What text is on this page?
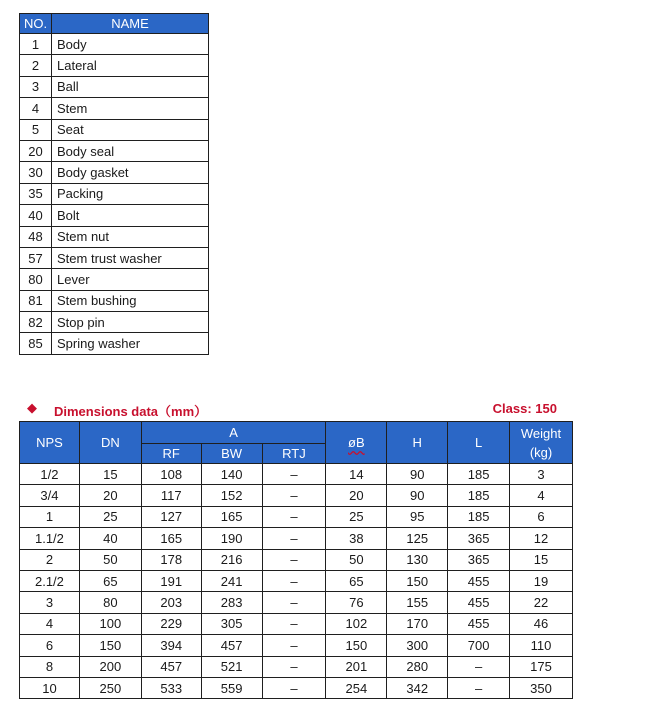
NO.	NAME
1	Body
2	Lateral
3	Ball
4	Stem
5	Seat
20	Body seal
30	Body gasket
35	Packing
40	Bolt
48	Stem nut
57	Stem trust washer
80	Lever
81	Stem bushing
82	Stop pin
85	Spring washer
◆ Dimensions data（mm）	Class: 150
NPS	DN	A			øB	H	L	Weight
(kg)

		RF	BW	RTJ				
1/2	15	108	140	–	14	90	185	3
3/4	20	117	152	–	20	90	185	4
1	25	127	165	–	25	95	185	6
1.1/2	40	165	190	–	38	125	365	12
2	50	178	216	–	50	130	365	15
2.1/2	65	191	241	–	65	150	455	19
3	80	203	283	–	76	155	455	22
4	100	229	305	–	102	170	455	46
6	150	394	457	–	150	300	700	110
8	200	457	521	–	201	280	–	175
10	250	533	559	–	254	342	–	350
